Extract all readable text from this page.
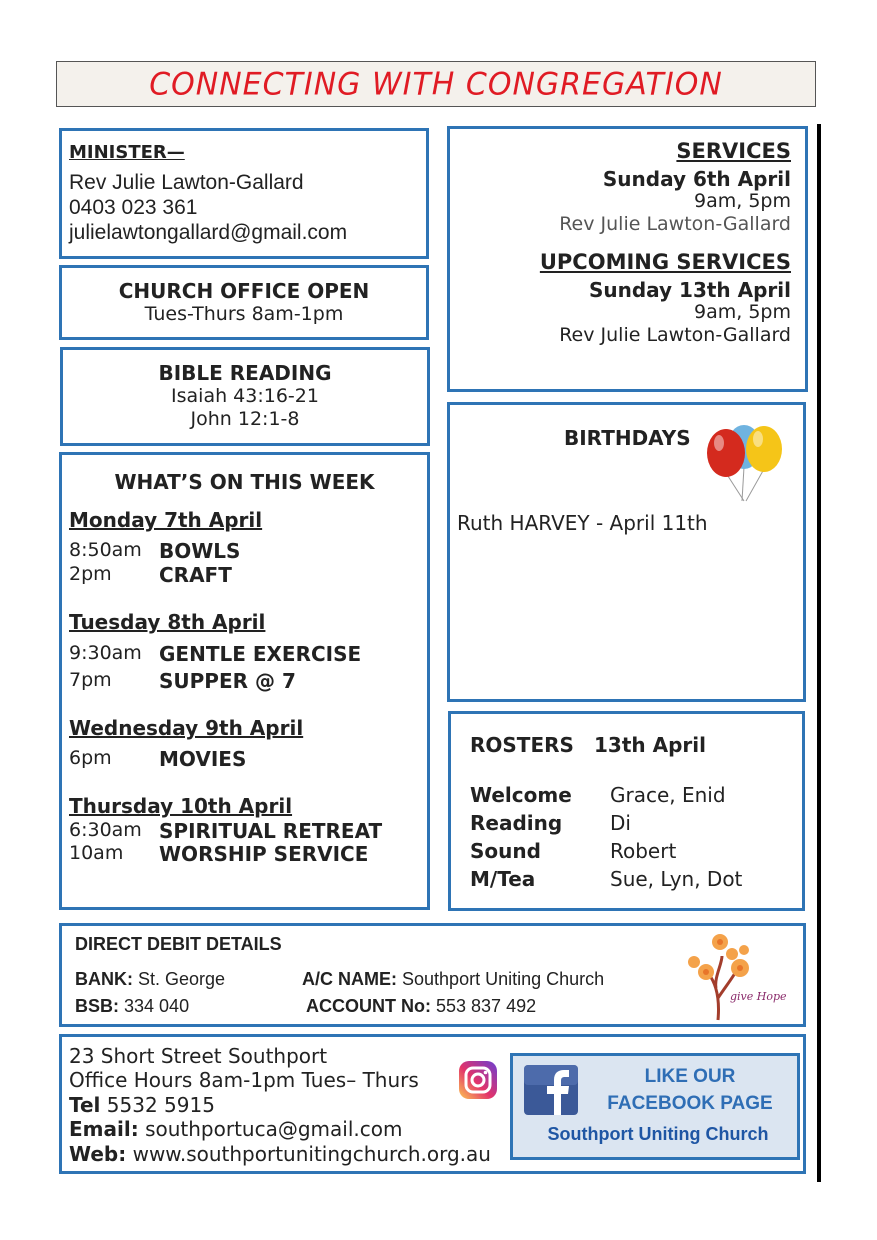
CONNECTING WITH CONGREGATION
MINISTER—
Rev Julie Lawton-Gallard
0403 023 361
julielawtongallard@gmail.com
CHURCH OFFICE OPEN
Tues-Thurs 8am-1pm
BIBLE READING
Isaiah 43:16-21
John 12:1-8
WHAT’S ON THIS WEEK
Monday 7th April
8:50am BOWLS
2pm CRAFT
Tuesday 8th April
9:30am GENTLE EXERCISE
7pm SUPPER @ 7
Wednesday 9th April
6pm MOVIES
Thursday 10th April
6:30am SPIRITUAL RETREAT
10am WORSHIP SERVICE
SERVICES
Sunday 6th April
9am, 5pm
Rev Julie Lawton-Gallard
UPCOMING SERVICES
Sunday 13th April
9am, 5pm
Rev Julie Lawton-Gallard
BIRTHDAYS
Ruth HARVEY - April 11th
ROSTERS 13th April
Welcome Grace, Enid
Reading Di
Sound	Robert
M/Tea	Sue, Lyn, Dot
DIRECT DEBIT DETAILS
BANK: St. George	A/C NAME: Southport Uniting Church
BSB: 334 040	ACCOUNT No: 553 837 492	give Hope
23 Short Street Southport
Office Hours 8am-1pm Tues– Thurs
Tel 5532 5915
Email: southportuca@gmail.com
Web: www.southportunitingchurch.org.au
LIKE OUR
FACEBOOK PAGE
Southport Uniting Church
